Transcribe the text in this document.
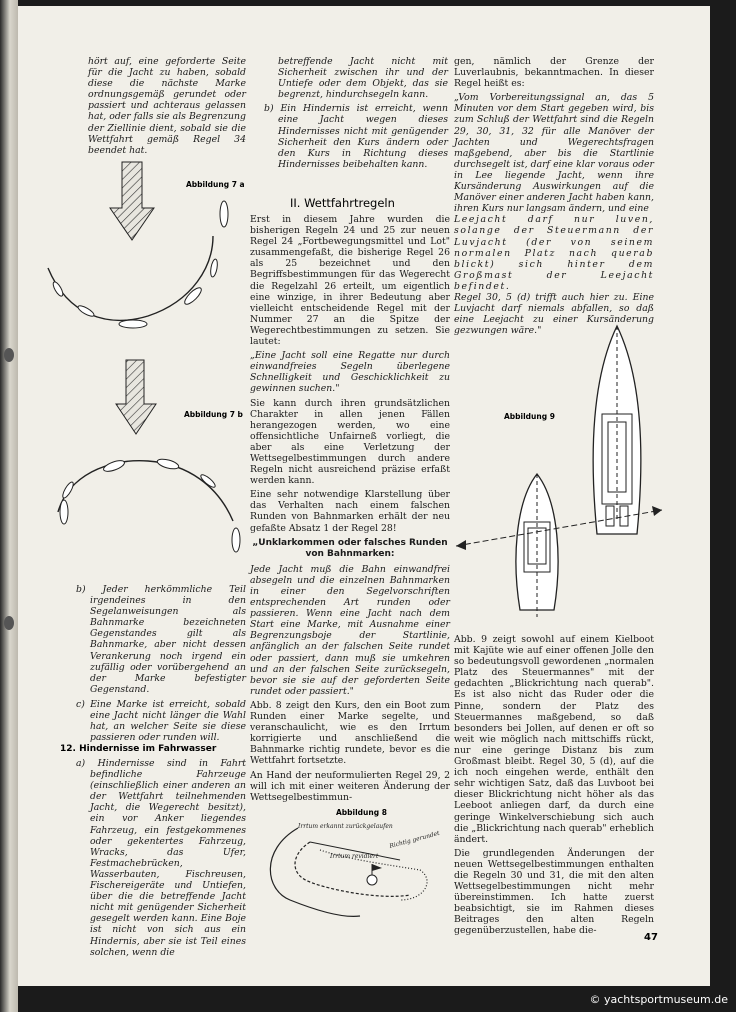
hört auf, eine geforderte Seite für die Jacht zu haben, sobald diese die nächste Marke ordnungsgemäß gerundet oder passiert und achteraus gelassen hat, oder falls sie als Begrenzung der Ziellinie dient, sobald sie die Wettfahrt gemäß Regel 34 beendet hat.

Abbildung 7 a
Abbildung 7 b

b) Jeder herkömmliche Teil irgendeines in den Segelanweisungen als Bahnmarke bezeichneten Gegenstandes gilt als Bahnmarke, aber nicht dessen Verankerung noch irgend ein zufällig oder vorübergehend an der Marke befestigter Gegenstand.

c) Eine Marke ist erreicht, sobald eine Jacht nicht länger die Wahl hat, an welcher Seite sie diese passieren oder runden will.

12. Hindernisse im Fahrwasser

a) Hindernisse sind in Fahrt befindliche Fahrzeuge (einschließlich einer anderen an der Wettfahrt teilnehmenden Jacht, die Wegerecht besitzt), ein vor Anker liegendes Fahrzeug, ein festgekommenes oder gekentertes Fahrzeug, Wracks, das Ufer, Festmachebrücken, Wasserbauten, Fischreusen, Fischereigeräte und Untiefen, über die die betreffende Jacht nicht mit genügender Sicherheit gesegelt werden kann. Eine Boje ist nicht von sich aus ein Hindernis, aber sie ist Teil eines solchen, wenn die

betreffende Jacht nicht mit Sicherheit zwischen ihr und der Untiefe oder dem Objekt, das sie begrenzt, hindurchsegeln kann.

b) Ein Hindernis ist erreicht, wenn eine Jacht wegen dieses Hindernisses nicht mit genügender Sicherheit den Kurs ändern oder den Kurs in Richtung dieses Hindernisses beibehalten kann.

II. Wettfahrtregeln

Erst in diesem Jahre wurden die bisherigen Regeln 24 und 25 zur neuen Regel 24 „Fortbewegungsmittel und Lot" zusammengefaßt, die bisherige Regel 26 als 25 bezeichnet und den Begriffsbestimmungen für das Wegerecht die Regelzahl 26 erteilt, um eigentlich eine winzige, in ihrer Bedeutung aber vielleicht entscheidende Regel mit der Nummer 27 an die Spitze der Wegerechtbestimmungen zu setzen. Sie lautet:

„Eine Jacht soll eine Regatte nur durch einwandfreies Segeln überlegene Schnelligkeit und Geschicklichkeit zu gewinnen suchen."

Sie kann durch ihren grundsätzlichen Charakter in allen jenen Fällen herangezogen werden, wo eine offensichtliche Unfairneß vorliegt, die aber als eine Verletzung der Wettsegelbestimmungen durch andere Regeln nicht ausreichend präzise erfaßt werden kann.

Eine sehr notwendige Klarstellung über das Verhalten nach einem falschen Runden von Bahnmarken erhält der neu gefaßte Absatz 1 der Regel 28!

„Unklarkommen oder falsches Runden von Bahnmarken:

Jede Jacht muß die Bahn einwandfrei absegeln und die einzelnen Bahnmarken in einer den Segelvorschriften entsprechenden Art runden oder passieren. Wenn eine Jacht nach dem Start eine Marke, mit Ausnahme einer Begrenzungsboje der Startlinie, anfänglich an der falschen Seite rundet oder passiert, dann muß sie umkehren und an der falschen Seite zurücksegeln, bevor sie sie auf der geforderten Seite rundet oder passiert."

Abb. 8 zeigt den Kurs, den ein Boot zum Runden einer Marke segelte, und veranschaulicht, wie es den Irrtum korrigierte und anschließend die Bahnmarke richtig rundete, bevor es die Wettfahrt fortsetzte.

An Hand der neuformulierten Regel 29, 2 will ich mit einer weiteren Änderung der Wettsegelbestimmun-

Abbildung 8
Irrtum erkannt zurückgelaufen
Irrtum revidiert
Richtig gerundet

gen, nämlich der Grenze der Luverlaubnis, bekanntmachen. In dieser Regel heißt es:

„Vom Vorbereitungssignal an, das 5 Minuten vor dem Start gegeben wird, bis zum Schluß der Wettfahrt sind die Regeln 29, 30, 31, 32 für alle Manöver der Jachten und Wegerechtsfragen maßgebend, aber bis die Startlinie durchsegelt ist, darf eine klar voraus oder in Lee liegende Jacht, wenn ihre Kursänderung Auswirkungen auf die Manöver einer anderen Jacht haben kann, ihren Kurs nur langsam ändern, und eine

Leejacht darf nur luven, solange der Steuermann der Luvjacht (der von seinem normalen Platz nach querab blickt) sich hinter dem Großmast der Leejacht befindet.

Regel 30, 5 (d) trifft auch hier zu. Eine Luvjacht darf niemals abfallen, so daß eine Leejacht zu einer Kursänderung gezwungen wäre."

Abbildung 9

Abb. 9 zeigt sowohl auf einem Kielboot mit Kajüte wie auf einer offenen Jolle den so bedeutungsvoll gewordenen „normalen Platz des Steuermannes" mit der gedachten „Blickrichtung nach querab". Es ist also nicht das Ruder oder die Pinne, sondern der Platz des Steuermannes maßgebend, so daß besonders bei Jollen, auf denen er oft so weit wie möglich nach mittschiffs rückt, nur eine geringe Distanz bis zum Großmast bleibt. Regel 30, 5 (d), auf die ich noch eingehen werde, enthält den sehr wichtigen Satz, daß das Luvboot bei dieser Blickrichtung nicht höher als das Leeboot anliegen darf, da durch eine geringe Winkelverschiebung sich auch die „Blickrichtung nach querab" erheblich ändert.

Die grundlegenden Änderungen der neuen Wettsegelbestimmungen enthalten die Regeln 30 und 31, die mit den alten Wettsegelbestimmungen nicht mehr übereinstimmen. Ich hatte zuerst beabsichtigt, sie im Rahmen dieses Beitrages den alten Regeln gegenüberzustellen, habe die-

47
© yachtsportmuseum.de
